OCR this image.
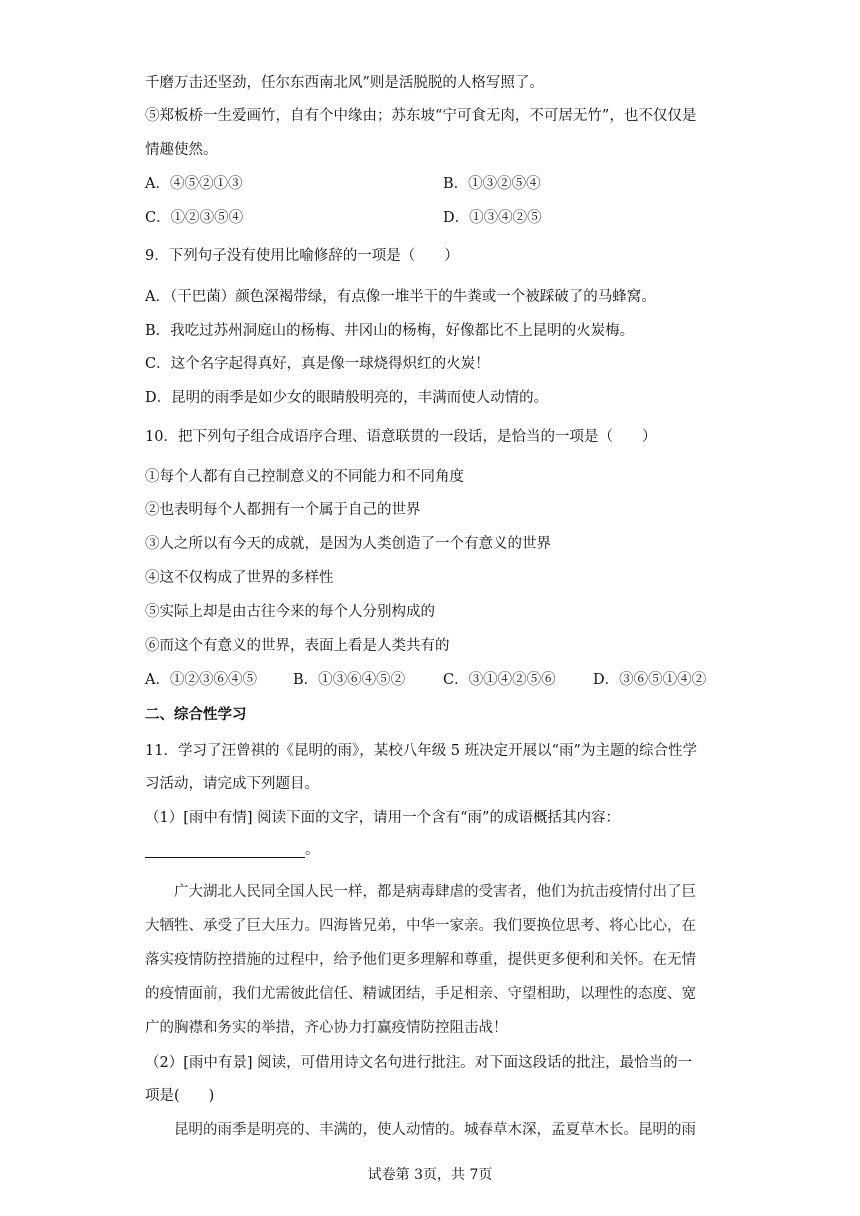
千磨万击还坚劲，任尔东西南北风”则是活脱脱的人格写照了。
⑤郑板桥一生爱画竹，自有个中缘由；苏东坡“宁可食无肉，不可居无竹”，也不仅仅是
情趣使然。
A．④⑤②①③	B．①③②⑤④
C．①②③⑤④	D．①③④②⑤
9．下列句子没有使用比喻修辞的一项是（　　）
A．（干巴菌）颜色深褐带绿，有点像一堆半干的牛粪或一个被踩破了的马蜂窝。
B．我吃过苏州洞庭山的杨梅、井冈山的杨梅，好像都比不上昆明的火炭梅。
C．这个名字起得真好，真是像一球烧得炽红的火炭！
D．昆明的雨季是如少女的眼睛般明亮的，丰满而使人动情的。
10．把下列句子组合成语序合理、语意联贯的一段话，是恰当的一项是（　　）
①每个人都有自己控制意义的不同能力和不同角度
②也表明每个人都拥有一个属于自己的世界
③人之所以有今天的成就，是因为人类创造了一个有意义的世界
④这不仅构成了世界的多样性
⑤实际上却是由古往今来的每个人分别构成的
⑥而这个有意义的世界，表面上看是人类共有的
A．①②③⑥④⑤ B．①③⑥④⑤②	C．③①④②⑤⑥	D．③⑥⑤①④②
二、综合性学习
11．学习了汪曾祺的《昆明的雨》，某校八年级 5 班决定开展以“雨”为主题的综合性学
习活动，请完成下列题目。
（1）[雨中有情] 阅读下面的文字，请用一个含有“雨”的成语概括其内容：
。
广大湖北人民同全国人民一样，都是病毒肆虐的受害者，他们为抗击疫情付出了巨
大牺牲、承受了巨大压力。四海皆兄弟，中华一家亲。我们要换位思考、将心比心，在
落实疫情防控措施的过程中，给予他们更多理解和尊重，提供更多便利和关怀。在无情
的疫情面前，我们尤需彼此信任、精诚团结，手足相亲、守望相助，以理性的态度、宽
广的胸襟和务实的举措，齐心协力打赢疫情防控阻击战！
（2）[雨中有景] 阅读，可借用诗文名句进行批注。对下面这段话的批注，最恰当的一
项是(　　)
昆明的雨季是明亮的、丰满的，使人动情的。城春草木深，孟夏草木长。昆明的雨
试卷第 3页，共 7页
